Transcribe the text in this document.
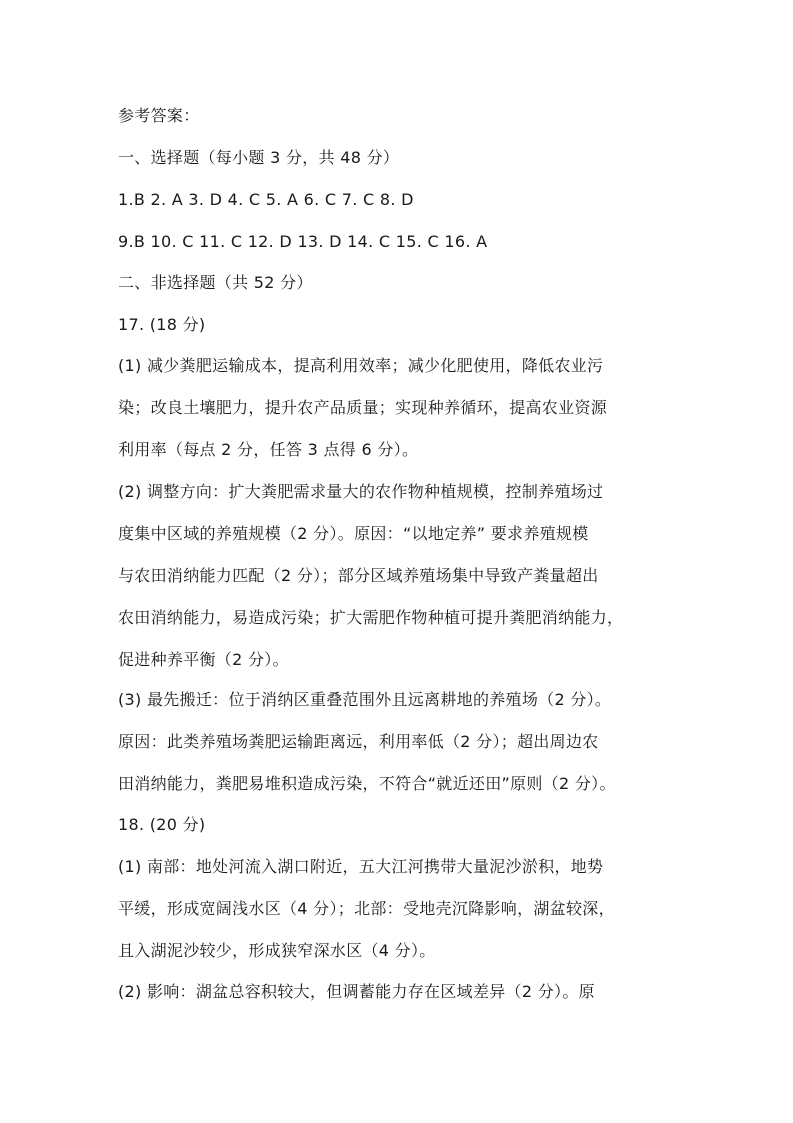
参考答案：
一、选择题（每小题 3 分，共 48 分）
1.B 2. A 3. D 4. C 5. A 6. C 7. C 8. D
9.B 10. C 11. C 12. D 13. D 14. C 15. C 16. A
二、非选择题（共 52 分）
17. (18 分)
(1) 减少粪肥运输成本，提高利用效率；减少化肥使用，降低农业污
染；改良土壤肥力，提升农产品质量；实现种养循环，提高农业资源
利用率（每点 2 分，任答 3 点得 6 分）。
(2) 调整方向：扩大粪肥需求量大的农作物种植规模，控制养殖场过
度集中区域的养殖规模（2 分）。原因：“以地定养” 要求养殖规模
与农田消纳能力匹配（2 分）；部分区域养殖场集中导致产粪量超出
农田消纳能力，易造成污染；扩大需肥作物种植可提升粪肥消纳能力，
促进种养平衡（2 分）。
(3) 最先搬迁：位于消纳区重叠范围外且远离耕地的养殖场（2 分）。
原因：此类养殖场粪肥运输距离远，利用率低（2 分）；超出周边农
田消纳能力，粪肥易堆积造成污染，不符合“就近还田”原则（2 分）。
18. (20 分)
(1) 南部：地处河流入湖口附近，五大江河携带大量泥沙淤积，地势
平缓，形成宽阔浅水区（4 分）；北部：受地壳沉降影响，湖盆较深，
且入湖泥沙较少，形成狭窄深水区（4 分）。
(2) 影响：湖盆总容积较大，但调蓄能力存在区域差异（2 分）。原
